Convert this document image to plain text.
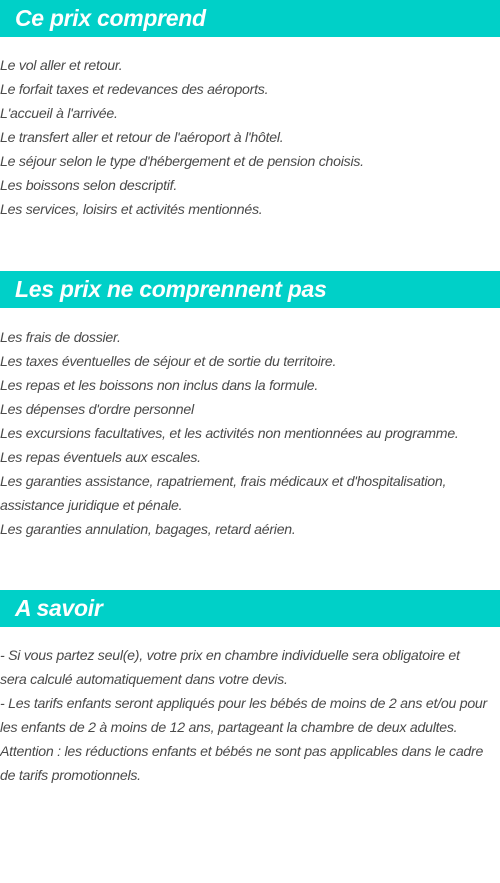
Ce prix comprend
Le vol aller et retour.
Le forfait taxes et redevances des aéroports.
L'accueil à l'arrivée.
Le transfert aller et retour de l'aéroport à l'hôtel.
Le séjour selon le type d'hébergement et de pension choisis.
Les boissons selon descriptif.
Les services, loisirs et activités mentionnés.
Les prix ne comprennent pas
Les frais de dossier.
Les taxes éventuelles de séjour et de sortie du territoire.
Les repas et les boissons non inclus dans la formule.
Les dépenses d'ordre personnel
Les excursions facultatives, et les activités non mentionnées au programme.
Les repas éventuels aux escales.
Les garanties assistance, rapatriement, frais médicaux et d'hospitalisation,
assistance juridique et pénale.
Les garanties annulation, bagages, retard aérien.
A savoir
- Si vous partez seul(e), votre prix en chambre individuelle sera obligatoire et
sera calculé automatiquement dans votre devis.
- Les tarifs enfants seront appliqués pour les bébés de moins de 2 ans et/ou pour
les enfants de 2 à moins de 12 ans, partageant la chambre de deux adultes.
Attention : les réductions enfants et bébés ne sont pas applicables dans le cadre
de tarifs promotionnels.
